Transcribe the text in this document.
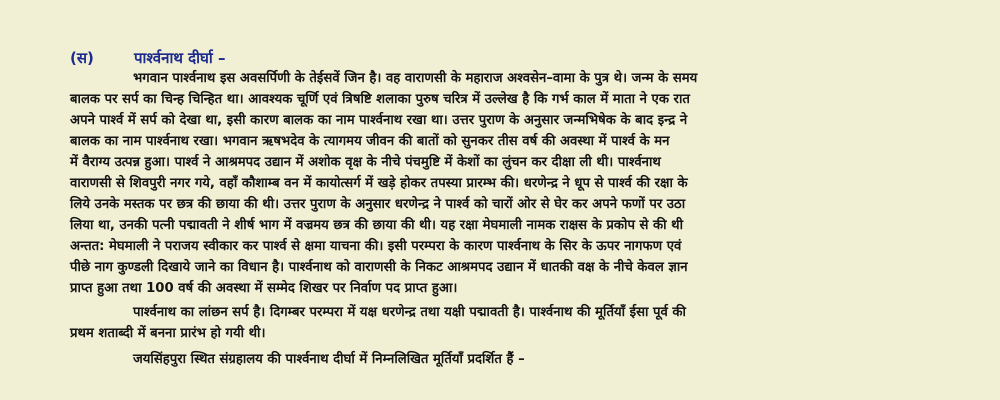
(स)	पार्श्वनाथ दीर्घा –
भगवान पार्श्वनाथ इस अवसर्पिणी के तेईसवें जिन है। वह वाराणसी के महाराज अश्वसेन–वामा के पुत्र थे। जन्म के समय
बालक पर सर्प का चिन्ह चिन्हित था। आवश्यक चूर्णि एवं त्रिषष्टि शलाका पुरुष चरित्र में उल्लेख है कि गर्भ काल में माता ने एक रात
अपने पार्श्व में सर्प को देखा था, इसी कारण बालक का नाम पार्श्वनाथ रखा था। उत्तर पुराण के अनुसार जन्मभिषेक के बाद इन्द्र ने
बालक का नाम पार्श्वनाथ रखा। भगवान ऋषभदेव के त्यागमय जीवन की बातों को सुनकर तीस वर्ष की अवस्था में पार्श्व के मन
में वैराग्य उत्पन्न हुआ। पार्श्व ने आश्रमपद उद्यान में अशोक वृक्ष के नीचे पंचमुष्टि में केशों का लुंचन कर दीक्षा ली थी। पार्श्वनाथ
वाराणसी से शिवपुरी नगर गये, वहाँ कौशाम्ब वन में कायोत्सर्ग में खड़े होकर तपस्या प्रारम्भ की। धरणेन्द्र ने धूप से पार्श्व की रक्षा के
लिये उनके मस्तक पर छत्र की छाया की थी। उत्तर पुराण के अनुसार धरणेन्द्र ने पार्श्व को चारों ओर से घेर कर अपने फणों पर उठा
लिया था, उनकी पत्नी पद्मावती ने शीर्ष भाग में वज्रमय छत्र की छाया की थी। यह रक्षा मेघमाली नामक राक्षस के प्रकोप से की थी
अन्तत: मेघमाली ने पराजय स्वीकार कर पार्श्व से क्षमा याचना की। इसी परम्परा के कारण पार्श्वनाथ के सिर के ऊपर नागफण एवं
पीछे नाग कुण्डली दिखाये जाने का विधान है। पार्श्वनाथ को वाराणसी के निकट आश्रमपद उद्यान में धातकी वक्ष के नीचे केवल ज्ञान
प्राप्त हुआ तथा 100 वर्ष की अवस्था में सम्मेद शिखर पर निर्वाण पद प्राप्त हुआ।
पार्श्वनाथ का लांछन सर्प है। दिगम्बर परम्परा में यक्ष धरणेन्द्र तथा यक्षी पद्मावती है। पार्श्वनाथ की मूर्तियाँ ईसा पूर्व की
प्रथम शताब्दी में बनना प्रारंभ हो गयी थी।
जयसिंहपुरा स्थित संग्रहालय की पार्श्वनाथ दीर्घा में निम्नलिखित मूर्तियाँ प्रदर्शित हैं –
